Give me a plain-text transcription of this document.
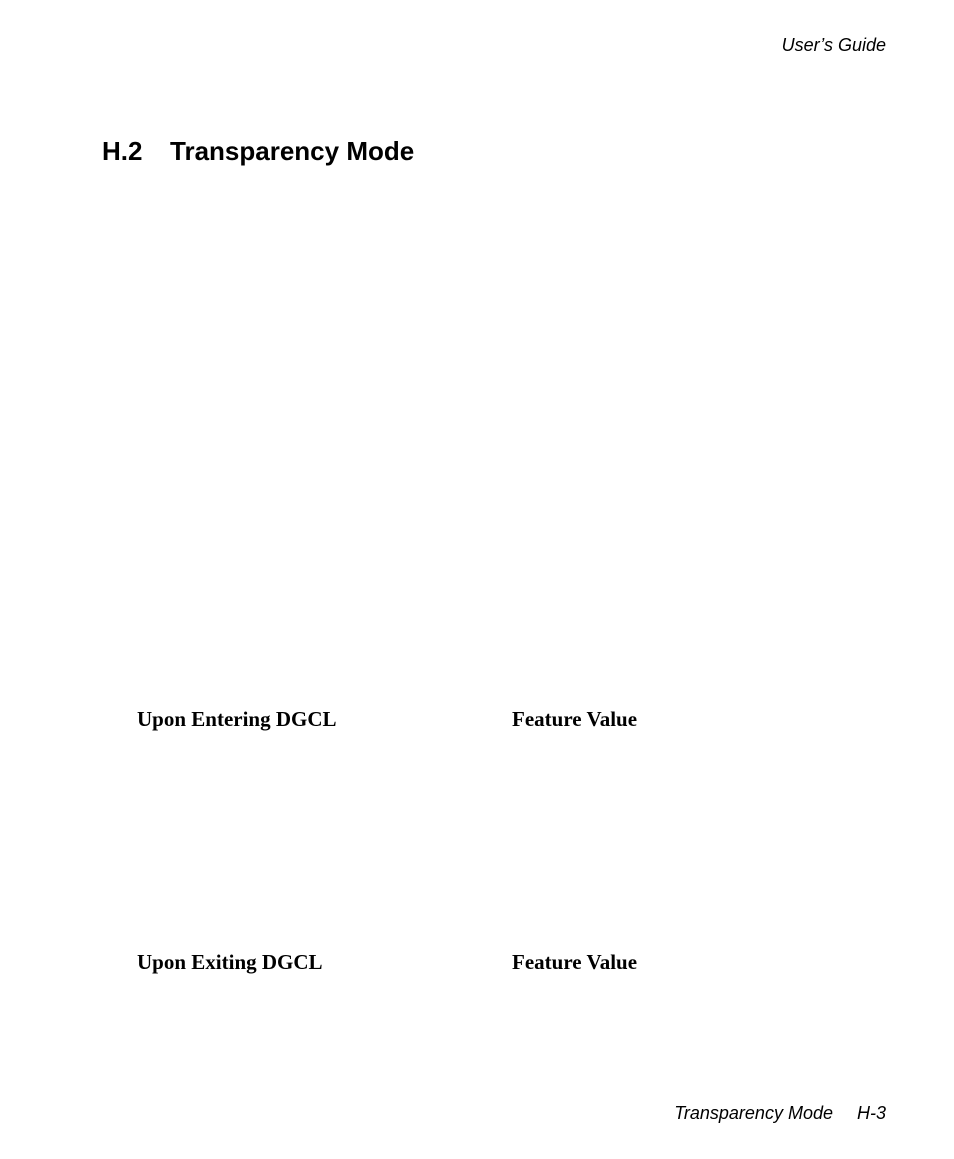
User’s Guide
H.2 Transparency Mode
Upon Entering DGCL	Feature Value
Upon Exiting DGCL	Feature Value
Transparency Mode H-3
